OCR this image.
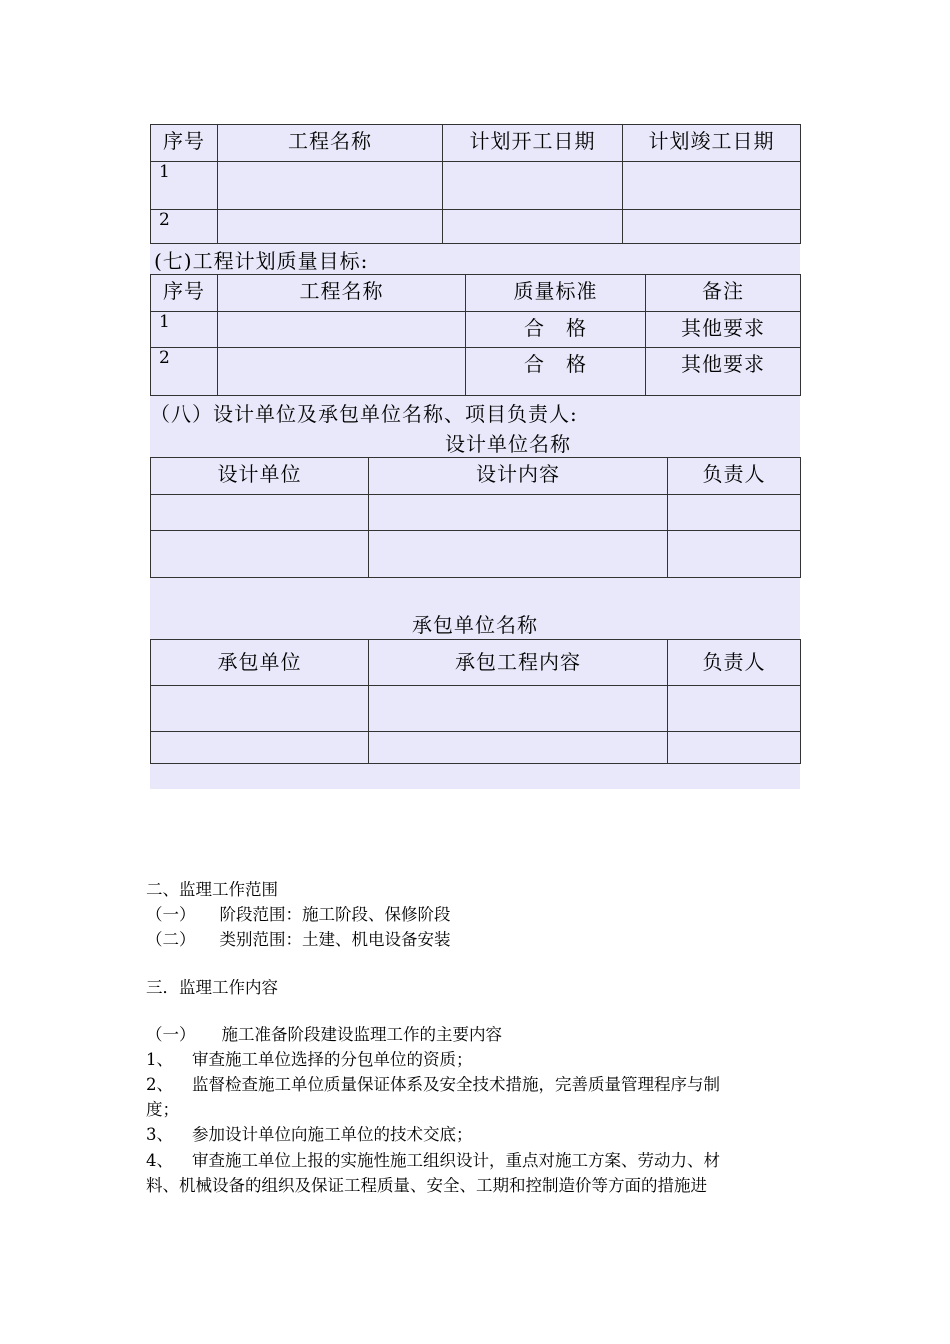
序号	工程名称	计划开工日期	计划竣工日期
1			
2			
(七)工程计划质量目标:
序号	工程名称	质量标准	备注
1		合　格	其他要求
2		合　格	其他要求
（八）设计单位及承包单位名称、项目负责人:
设计单位名称
设计单位	设计内容	负责人

承包单位名称
承包单位	承包工程内容	负责人

二、监理工作范围
（一） 阶段范围：施工阶段、保修阶段
（二） 类别范围：土建、机电设备安装
三．监理工作内容
（一） 施工准备阶段建设监理工作的主要内容
1、 审查施工单位选择的分包单位的资质；
2、 监督检查施工单位质量保证体系及安全技术措施，完善质量管理程序与制
度；
3、 参加设计单位向施工单位的技术交底；
4、 审查施工单位上报的实施性施工组织设计，重点对施工方案、劳动力、材
料、机械设备的组织及保证工程质量、安全、工期和控制造价等方面的措施进
